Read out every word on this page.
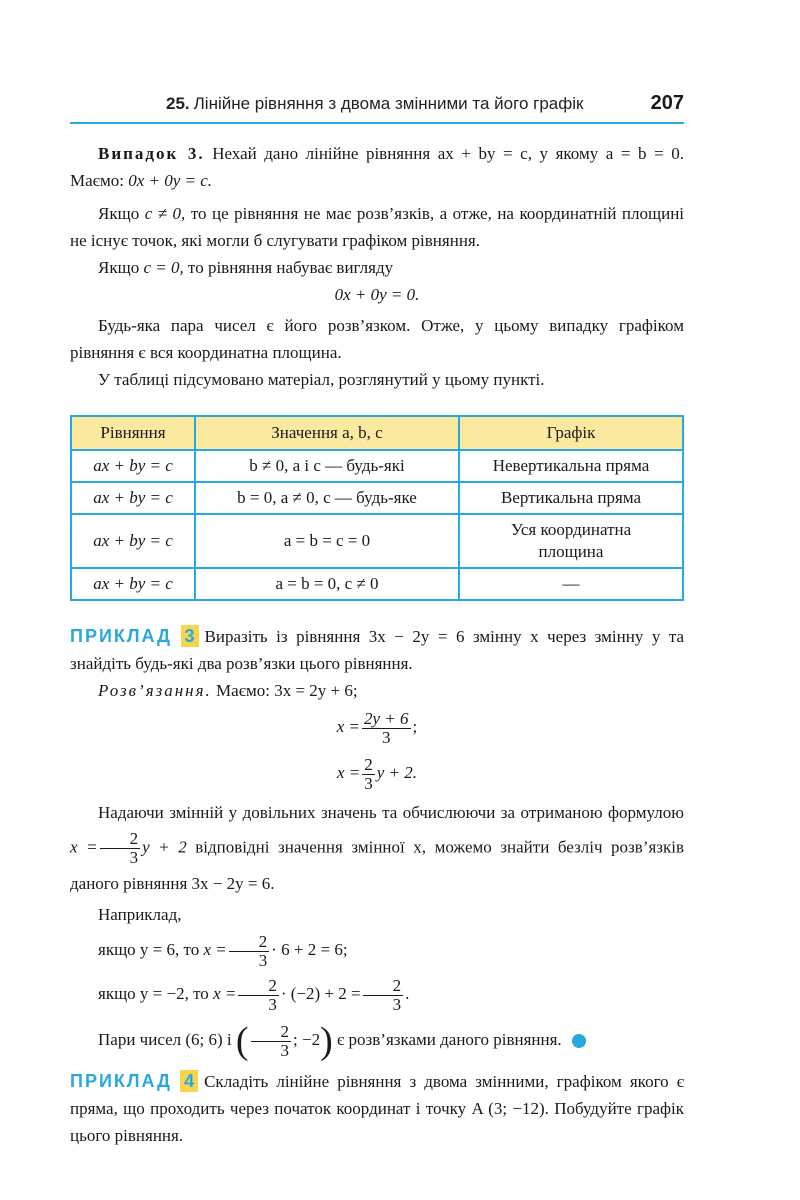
25. Лінійне рівняння з двома змінними та його графік	207

Випадок 3. Нехай дано лінійне рівняння ax + by = c, у якому a = b = 0. Маємо: 0x + 0y = c.

Якщо c ≠ 0, то це рівняння не має розв’язків, а отже, на координатній площині не існує точок, які могли б слугувати графіком рівняння.

Якщо c = 0, то рівняння набуває вигляду

0x + 0y = 0.

Будь-яка пара чисел є його розв’язком. Отже, у цьому випадку графіком рівняння є вся координатна площина.

У таблиці підсумовано матеріал, розглянутий у цьому пункті.

Рівняння	Значення a, b, c	Графік
ax + by = c	b ≠ 0, a і c — будь-які	Невертикальна пряма
ax + by = c	b = 0, a ≠ 0, c — будь-яке	Вертикальна пряма
ax + by = c	a = b = c = 0	Уся координатна площина
ax + by = c	a = b = 0, c ≠ 0	—

ПРИКЛАД 3 Виразіть із рівняння 3x − 2y = 6 змінну x через змінну y та знайдіть будь-які два розв’язки цього рівняння.

Розв’язання. Маємо: 3x = 2y + 6;

$x = \frac{2y + 6}{3}$ ;
$x = \frac{2}{3}$ y + 2.

Надаючи змінній y довільних значень та обчислюючи за отриманою формулою $x = \frac{2}{3}$ y + 2 відповідні значення змінної x, можемо знайти безліч розв’язків даного рівняння 3x − 2y = 6.

Наприклад,

якщо y = 6, то $x = \frac{2}{3} \cdot 6 + 2 = 6$;

якщо y = −2, то $x = \frac{2}{3} \cdot (-2) + 2 = \frac{2}{3}$ .

Пари чисел (6; 6) і ( $\frac{2}{3}$ ; −2) є розв’язками даного рівняння.

ПРИКЛАД 4 Складіть лінійне рівняння з двома змінними, графіком якого є пряма, що проходить через початок координат і точку A (3; −12). Побудуйте графік цього рівняння.
